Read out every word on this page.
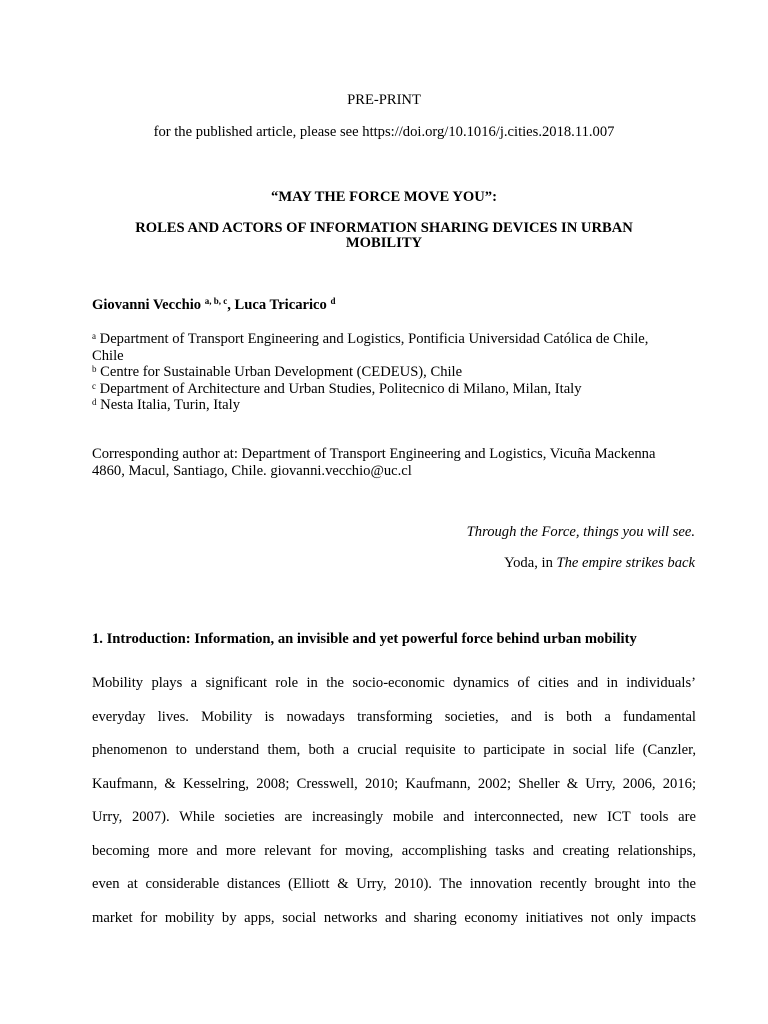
PRE-PRINT

for the published article, please see https://doi.org/10.1016/j.cities.2018.11.007

“MAY THE FORCE MOVE YOU”:

ROLES AND ACTORS OF INFORMATION SHARING DEVICES IN URBAN

MOBILITY

Giovanni Vecchio $^{a, b, c}$, Luca Tricarico $^d$

$^a$ Department of Transport Engineering and Logistics, Pontificia Universidad Católica de Chile,
Chile
$^b$ Centre for Sustainable Urban Development (CEDEUS), Chile
$^c$ Department of Architecture and Urban Studies, Politecnico di Milano, Milan, Italy
$^d$ Nesta Italia, Turin, Italy
Corresponding author at: Department of Transport Engineering and Logistics, Vicuña Mackenna
4860, Macul, Santiago, Chile. giovanni.vecchio@uc.cl

Through the Force, things you will see.

Yoda, in The empire strikes back

1. Introduction: Information, an invisible and yet powerful force behind urban mobility

Mobility plays a significant role in the socio-economic dynamics of cities and in individuals’
everyday lives. Mobility is nowadays transforming societies, and is both a fundamental
phenomenon to understand them, both a crucial requisite to participate in social life (Canzler,
Kaufmann, & Kesselring, 2008; Cresswell, 2010; Kaufmann, 2002; Sheller & Urry, 2006, 2016;
Urry, 2007). While societies are increasingly mobile and interconnected, new ICT tools are
becoming more and more relevant for moving, accomplishing tasks and creating relationships,
even at considerable distances (Elliott & Urry, 2010). The innovation recently brought into the
market for mobility by apps, social networks and sharing economy initiatives not only impacts
